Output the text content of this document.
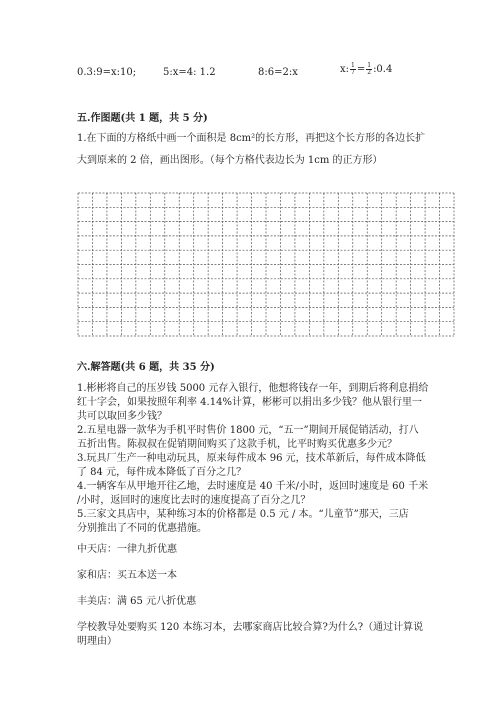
0.3:9=x:10;	5:x=4: 1.2	8:6=2:x	x: $\frac{1}{7} = \frac{1}{2}$ :0.4
五.作图题(共 1 题，共 5 分)
1.在下面的方格纸中画一个面积是 8cm²的长方形，再把这个长方形的各边长扩
大到原来的 2 倍，画出图形。（每个方格代表边长为 1cm 的正方形）
六.解答题(共 6 题，共 35 分)
1.彬彬将自己的压岁钱 5000 元存入银行，他想将钱存一年，到期后将利息捐给
红十字会，如果按照年利率 4.14%计算，彬彬可以捐出多少钱？他从银行里一
共可以取回多少钱？
2.五星电器一款华为手机平时售价 1800 元，“五一”期间开展促销活动，打八
五折出售。陈叔叔在促销期间购买了这款手机，比平时购买优惠多少元？
3.玩具厂生产一种电动玩具，原来每件成本 96 元，技术革新后，每件成本降低
了 84 元，每件成本降低了百分之几？
4.一辆客车从甲地开往乙地，去时速度是 40 千米/小时，返回时速度是 60 千米
/小时，返回时的速度比去时的速度提高了百分之几？
5.三家文具店中，某种练习本的价格都是 0.5 元 / 本。“儿童节”那天，三店
分别推出了不同的优惠措施。
中天店：一律九折优惠
家和店：买五本送一本
丰美店：满 65 元八折优惠
学校教导处要购买 120 本练习本，去哪家商店比较合算?为什么?（通过计算说
明理由）
